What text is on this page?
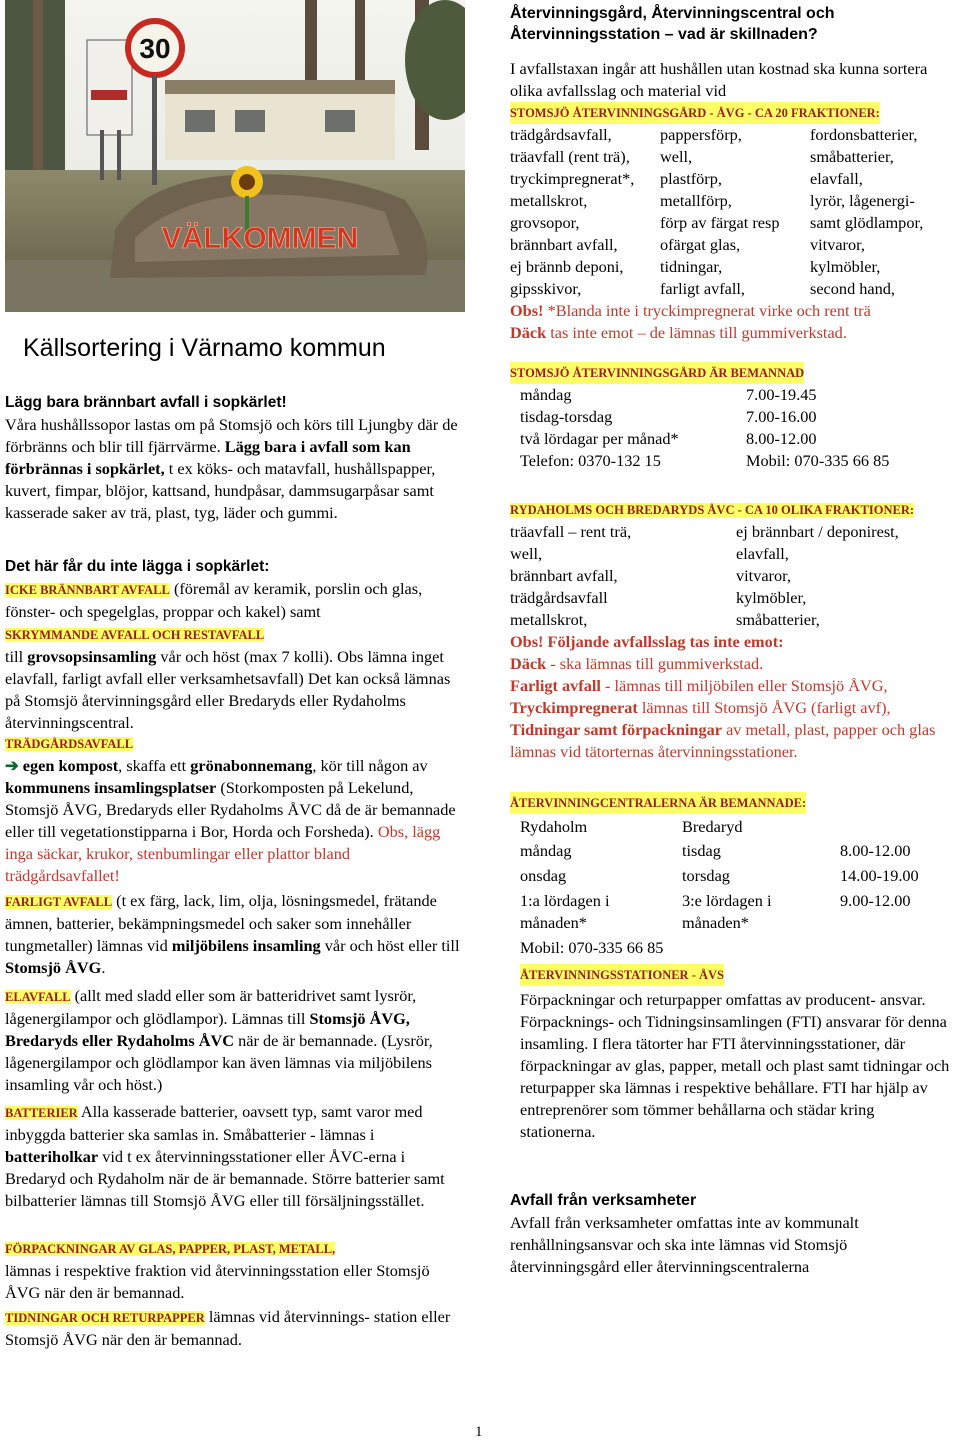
30
VÄLKOMMEN
Källsortering i Värnamo kommun

Lägg bara brännbart avfall i sopkärlet!

Våra hushållssopor lastas om på Stomsjö och körs till Ljungby där de förbränns och blir till fjärrvärme. Lägg bara i avfall som kan förbrännas i sopkärlet, t ex köks- och matavfall, hushållspapper, kuvert, fimpar, blöjor, kattsand, hundpåsar, dammsugarpåsar samt kasserade saker av trä, plast, tyg, läder och gummi.

Det här får du inte lägga i sopkärlet:

ICKE BRÄNNBART AVFALL (föremål av keramik, porslin och glas, fönster- och spegelglas, proppar och kakel) samt
SKRYMMANDE AVFALL OCH RESTAVFALL
till grovsopsinsamling vår och höst (max 7 kolli). Obs lämna inget elavfall, farligt avfall eller verksamhetsavfall) Det kan också lämnas på Stomsjö återvinningsgård eller Bredaryds eller Rydaholms återvinningscentral.

TRÄDGÅRDSAVFALL
➔ egen kompost, skaffa ett grönabonnemang, kör till någon av kommunens insamlingsplatser (Storkomposten på Lekelund, Stomsjö ÅVG, Bredaryds eller Rydaholms ÅVC då de är bemannade eller till vegetationstipparna i Bor, Horda och Forsheda). Obs, lägg inga säckar, krukor, stenbumlingar eller plattor bland trädgårdsavfallet!

FARLIGT AVFALL (t ex färg, lack, lim, olja, lösningsmedel, frätande ämnen, batterier, bekämpningsmedel och saker som innehåller tungmetaller) lämnas vid miljöbilens insamling vår och höst eller till Stomsjö ÅVG.

ELAVFALL (allt med sladd eller som är batteridrivet samt lysrör, lågenergilampor och glödlampor). Lämnas till Stomsjö ÅVG, Bredaryds eller Rydaholms ÅVC när de är bemannade. (Lysrör, lågenergilampor och glödlampor kan även lämnas via miljöbilens insamling vår och höst.)

BATTERIER Alla kasserade batterier, oavsett typ, samt varor med inbyggda batterier ska samlas in. Småbatterier - lämnas i batteriholkar vid t ex återvinningsstationer eller ÅVC-erna i Bredaryd och Rydaholm när de är bemannade. Större batterier samt bilbatterier lämnas till Stomsjö ÅVG eller till försäljningsstället.

FÖRPACKNINGAR AV GLAS, PAPPER, PLAST, METALL,
lämnas i respektive fraktion vid återvinningsstation eller Stomsjö ÅVG när den är bemannad.

TIDNINGAR OCH RETURPAPPER lämnas vid återvinnings- station eller Stomsjö ÅVG när den är bemannad.

Återvinningsgård, Återvinningscentral och Återvinningsstation – vad är skillnaden?

I avfallstaxan ingår att hushållen utan kostnad ska kunna sortera olika avfallsslag och material vid

STOMSJÖ ÅTERVINNINGSGÅRD - ÅVG - CA 20 FRAKTIONER:

trädgårdsavfall,	pappersförp,	fordonsbatterier,
träavfall (rent trä),	well,	småbatterier,
tryckimpregnerat*,	plastförp,	elavfall,
metallskrot,	metallförp,	lyrör, lågenergi-
grovsopor,	förp av färgat resp	samt glödlampor,
brännbart avfall,	ofärgat glas,	vitvaror,
ej brännb deponi,	tidningar,	kylmöbler,
gipsskivor,	farligt avfall,	second hand,

Obs! *Blanda inte i tryckimpregnerat virke och rent trä

Däck tas inte emot – de lämnas till gummiverkstad.

STOMSJÖ ÅTERVINNINGSGÅRD ÄR BEMANNAD

måndag	7.00-19.45
tisdag-torsdag	7.00-16.00
två lördagar per månad*	8.00-12.00
Telefon: 0370-132 15	Mobil: 070-335 66 85

RYDAHOLMS OCH BREDARYDS ÅVC - CA 10 OLIKA FRAKTIONER:

träavfall – rent trä,	ej brännbart / deponirest,
well,	elavfall,
brännbart avfall,	vitvaror,
trädgårdsavfall	kylmöbler,
metallskrot,	småbatterier,

Obs! Följande avfallsslag tas inte emot:

Däck - ska lämnas till gummiverkstad.

Farligt avfall - lämnas till miljöbilen eller Stomsjö ÅVG,

Tryckimpregnerat lämnas till Stomsjö ÅVG (farligt avf),

Tidningar samt förpackningar av metall, plast, papper och glas lämnas vid tätorternas återvinningsstationer.

ÅTERVINNINGCENTRALERNA ÄR BEMANNADE:

Rydaholm	Bredaryd	
måndag	tisdag	8.00-12.00
onsdag	torsdag	14.00-19.00
1:a lördagen i månaden*	3:e lördagen i månaden*	9.00-12.00

Mobil: 070-335 66 85

ÅTERVINNINGSSTATIONER - ÅVS

Förpackningar och returpapper omfattas av producent- ansvar. Förpacknings- och Tidningsinsamlingen (FTI) ansvarar för denna insamling. I flera tätorter har FTI återvinningsstationer, där förpackningar av glas, papper, metall och plast samt tidningar och returpapper ska lämnas i respektive behållare. FTI har hjälp av entreprenörer som tömmer behållarna och städar kring stationerna.

Avfall från verksamheter

Avfall från verksamheter omfattas inte av kommunalt renhållningsansvar och ska inte lämnas vid Stomsjö återvinningsgård eller återvinningscentralerna

1
